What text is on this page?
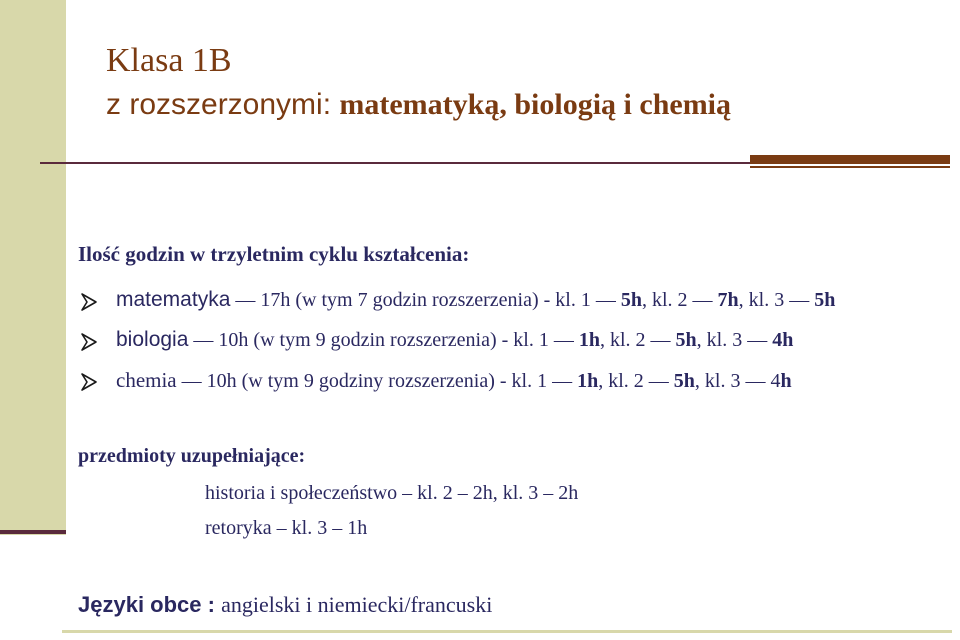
Klasa 1B
z rozszerzonymi: matematyką, biologią i chemią
Ilość godzin w trzyletnim cyklu kształcenia:
matematyka — 17h (w tym 7 godzin rozszerzenia) - kl. 1 — 5h, kl. 2 — 7h, kl. 3 — 5h
biologia — 10h (w tym 9 godzin rozszerzenia) - kl. 1 — 1h, kl. 2 — 5h, kl. 3 — 4h
chemia — 10h (w tym 9 godziny rozszerzenia) - kl. 1 — 1h, kl. 2 — 5h, kl. 3 — 4h
przedmioty uzupełniające:
historia i społeczeństwo – kl. 2 – 2h, kl. 3 – 2h
retoryka – kl. 3 – 1h
Języki obce : angielski i niemiecki/francuski
